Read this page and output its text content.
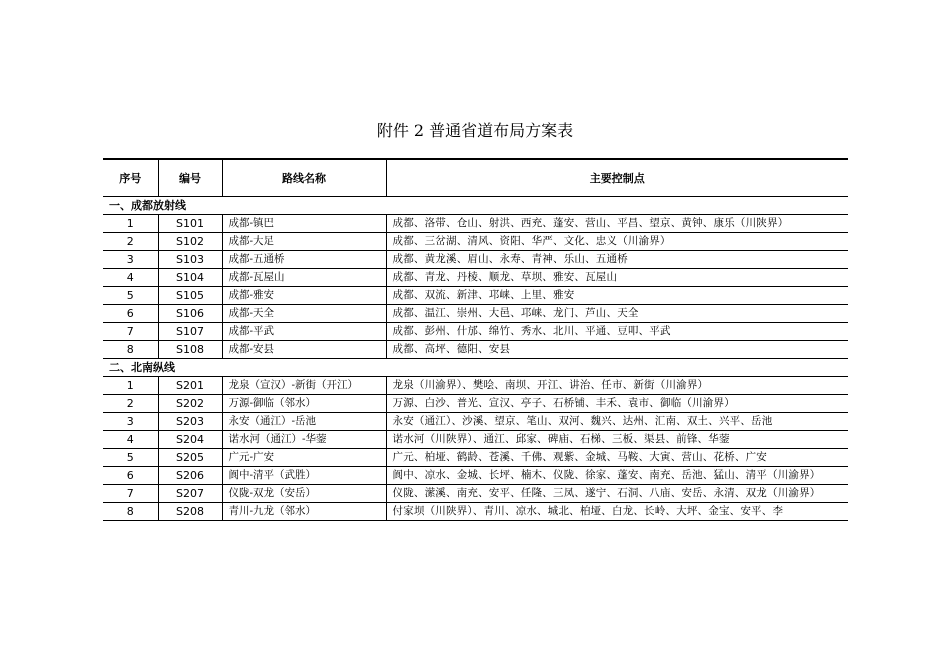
附件 2 普通省道布局方案表
序号	编号	路线名称	主要控制点
一、成都放射线			
1	S101	成都-镇巴	成都、洛带、仓山、射洪、西充、蓬安、营山、平昌、望京、黄钟、康乐（川陕界）
2	S102	成都-大足	成都、三岔湖、清风、资阳、华严、文化、忠义（川渝界）
3	S103	成都-五通桥	成都、黄龙溪、眉山、永寿、青神、乐山、五通桥
4	S104	成都-瓦屋山	成都、青龙、丹棱、顺龙、草坝、雅安、瓦屋山
5	S105	成都-雅安	成都、双流、新津、邛崃、上里、雅安
6	S106	成都-天全	成都、温江、崇州、大邑、邛崃、龙门、芦山、天全
7	S107	成都-平武	成都、彭州、什邡、绵竹、秀水、北川、平通、豆叩、平武
8	S108	成都-安县	成都、高坪、德阳、安县
二、北南纵线			
1	S201	龙泉（宣汉）-新街（开江）	龙泉（川渝界）、樊哙、南坝、开江、讲治、任市、新街（川渝界）
2	S202	万源-御临（邻水）	万源、白沙、普光、宣汉、亭子、石桥铺、丰禾、袁市、御临（川渝界）
3	S203	永安（通江）-岳池	永安（通江）、沙溪、望京、笔山、双河、魏兴、达州、汇南、双土、兴平、岳池
4	S204	诺水河（通江）-华蓥	诺水河（川陕界）、通江、邱家、碑庙、石梯、三板、渠县、前锋、华蓥
5	S205	广元-广安	广元、柏垭、鹤龄、苍溪、千佛、观紫、金城、马鞍、大寅、营山、花桥、广安
6	S206	阆中-清平（武胜）	阆中、凉水、金城、长坪、楠木、仪陇、徐家、蓬安、南充、岳池、猛山、清平（川渝界）
7	S207	仪陇-双龙（安岳）	仪陇、潆溪、南充、安平、任隆、三凤、遂宁、石洞、八庙、安岳、永清、双龙（川渝界）
8	S208	青川-九龙（邻水）	付家坝（川陕界）、青川、凉水、城北、柏垭、白龙、长岭、大坪、金宝、安平、李
